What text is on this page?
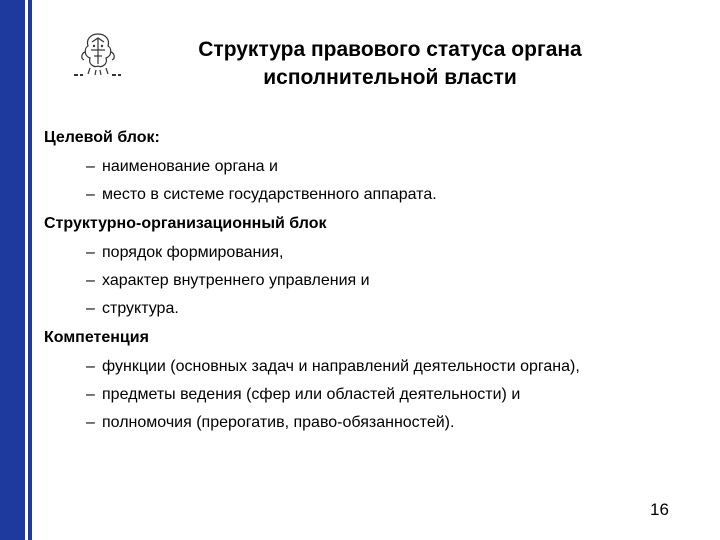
Структура правового статуса органа
исполнительной власти
Целевой блок:
– наименование органа и
– место в системе государственного аппарата.
Структурно-организационный блок
– порядок формирования,
– характер внутреннего управления и
– структура.
Компетенция
– функции (основных задач и направлений деятельности органа),
– предметы ведения (сфер или областей деятельности) и
– полномочия (прерогатив, право-обязанностей).
16
